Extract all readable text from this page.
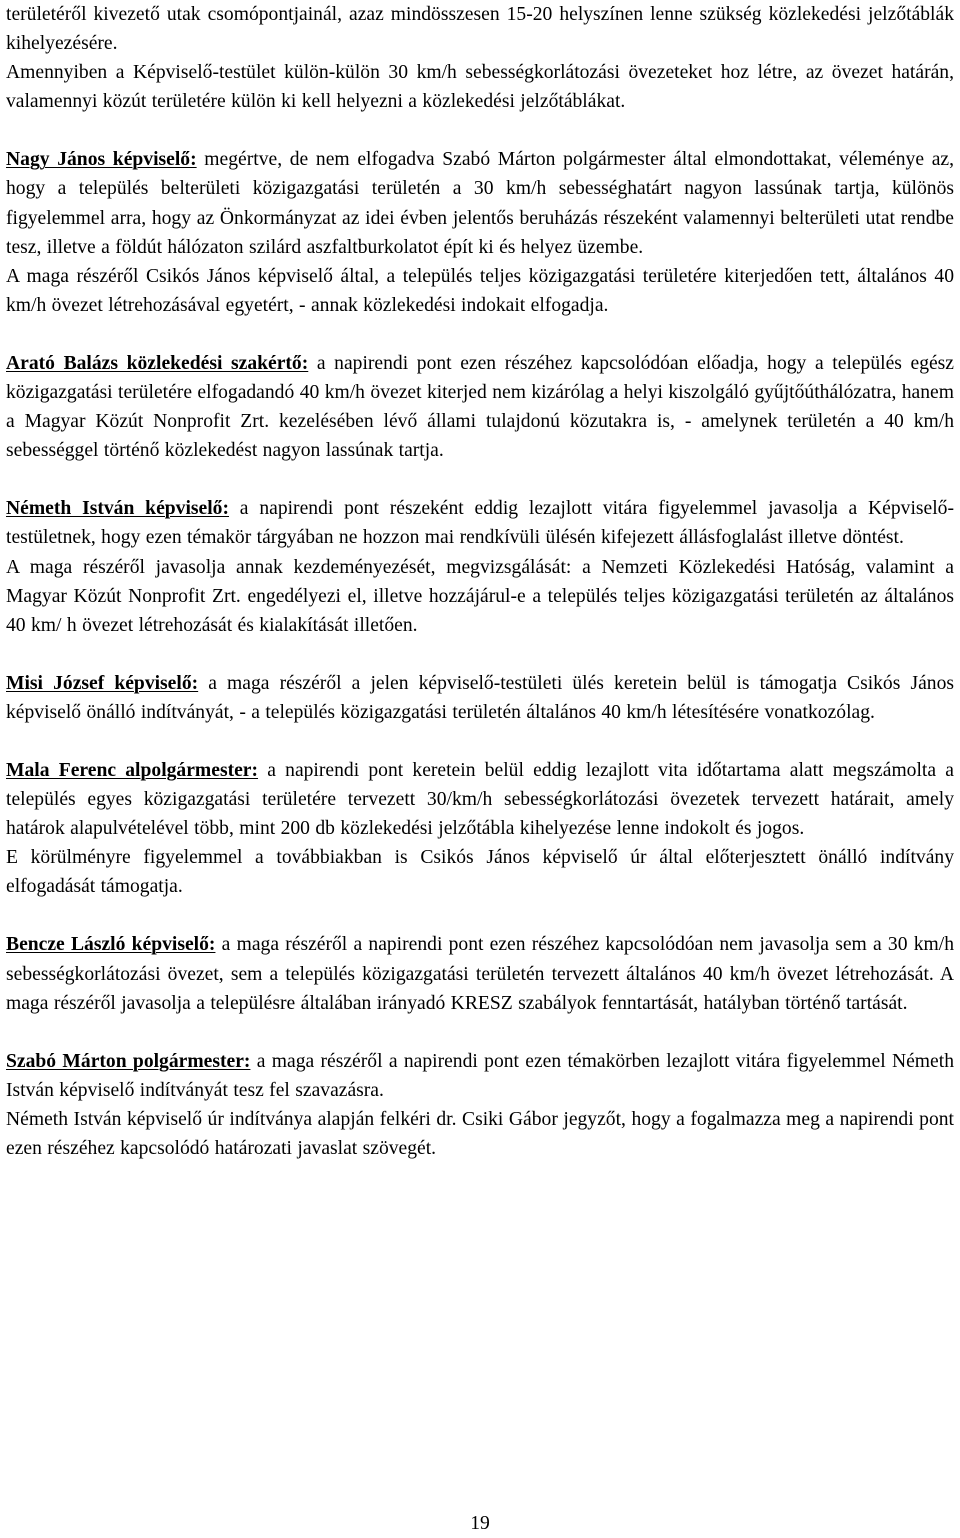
területéről kivezető utak csomópontjainál, azaz mindösszesen 15-20 helyszínen lenne szükség közlekedési jelzőtáblák kihelyezésére.

Amennyiben a Képviselő-testület külön-külön 30 km/h sebességkorlátozási övezeteket hoz létre, az övezet határán, valamennyi közút területére külön ki kell helyezni a közlekedési jelzőtáblákat.

Nagy János képviselő: megértve, de nem elfogadva Szabó Márton polgármester által elmondottakat, véleménye az, hogy a település belterületi közigazgatási területén a 30 km/h sebességhatárt nagyon lassúnak tartja, különös figyelemmel arra, hogy az Önkormányzat az idei évben jelentős beruházás részeként valamennyi belterületi utat rendbe tesz, illetve a földút hálózaton szilárd aszfaltburkolatot épít ki és helyez üzembe.

A maga részéről Csikós János képviselő által, a település teljes közigazgatási területére kiterjedően tett, általános 40 km/h övezet létrehozásával egyetért, - annak közlekedési indokait elfogadja.

Arató Balázs közlekedési szakértő: a napirendi pont ezen részéhez kapcsolódóan előadja, hogy a település egész közigazgatási területére elfogadandó 40 km/h övezet kiterjed nem kizárólag a helyi kiszolgáló gyűjtőúthálózatra, hanem a Magyar Közút Nonprofit Zrt. kezelésében lévő állami tulajdonú közutakra is, - amelynek területén a 40 km/h sebességgel történő közlekedést nagyon lassúnak tartja.

Németh István képviselő: a napirendi pont részeként eddig lezajlott vitára figyelemmel javasolja a Képviselő-testületnek, hogy ezen témakör tárgyában ne hozzon mai rendkívüli ülésén kifejezett állásfoglalást illetve döntést.

A maga részéről javasolja annak kezdeményezését, megvizsgálását: a Nemzeti Közlekedési Hatóság, valamint a Magyar Közút Nonprofit Zrt. engedélyezi el, illetve hozzájárul-e a település teljes közigazgatási területén az általános 40 km/ h övezet létrehozását és kialakítását illetően.

Misi József képviselő: a maga részéről a jelen képviselő-testületi ülés keretein belül is támogatja Csikós János képviselő önálló indítványát, - a település közigazgatási területén általános 40 km/h létesítésére vonatkozólag.

Mala Ferenc alpolgármester: a napirendi pont keretein belül eddig lezajlott vita időtartama alatt megszámolta a település egyes közigazgatási területére tervezett 30/km/h sebességkorlátozási övezetek tervezett határait, amely határok alapulvételével több, mint 200 db közlekedési jelzőtábla kihelyezése lenne indokolt és jogos.

E körülményre figyelemmel a továbbiakban is Csikós János képviselő úr által előterjesztett önálló indítvány elfogadását támogatja.

Bencze László képviselő: a maga részéről a napirendi pont ezen részéhez kapcsolódóan nem javasolja sem a 30 km/h sebességkorlátozási övezet, sem a település közigazgatási területén tervezett általános 40 km/h övezet létrehozását. A maga részéről javasolja a településre általában irányadó KRESZ szabályok fenntartását, hatályban történő tartását.

Szabó Márton polgármester: a maga részéről a napirendi pont ezen témakörben lezajlott vitára figyelemmel Németh István képviselő indítványát tesz fel szavazásra.

Németh István képviselő úr indítványa alapján felkéri dr. Csiki Gábor jegyzőt, hogy a fogalmazza meg a napirendi pont ezen részéhez kapcsolódó határozati javaslat szövegét.

19
